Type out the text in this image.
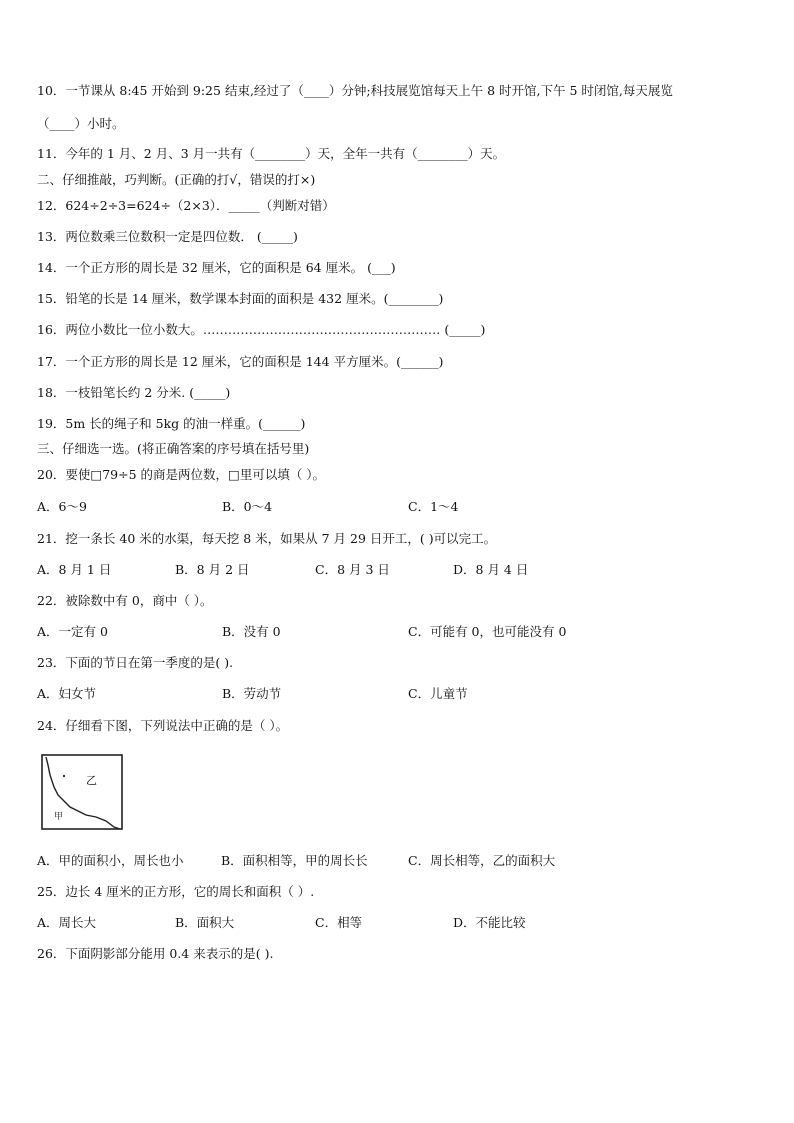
10．一节课从 8:45 开始到 9:25 结束,经过了（____）分钟;科技展览馆每天上午 8 时开馆,下午 5 时闭馆,每天展览
（____）小时。
11．今年的 1 月、2 月、3 月一共有（________）天，全年一共有（________）天。
二、仔细推敲，巧判断。(正确的打√，错误的打×)
12．624÷2÷3=624÷（2×3）．_____（判断对错）
13．两位数乘三位数积一定是四位数． (_____)
14．一个正方形的周长是 32 厘米，它的面积是 64 厘米。 (___)
15．铅笔的长是 14 厘米，数学课本封面的面积是 432 厘米。(________)
16．两位小数比一位小数大。………………………………………………… (_____)
17．一个正方形的周长是 12 厘米，它的面积是 144 平方厘米。(______)
18．一枝铅笔长约 2 分米. (_____)
19．5m 长的绳子和 5kg 的油一样重。(______)
三、仔细选一选。(将正确答案的序号填在括号里)
20．要使□79÷5 的商是两位数，□里可以填（ ）。
A．6～9	B．0～4	C．1～4
21．挖一条长 40 米的水渠，每天挖 8 米，如果从 7 月 29 日开工，( )可以完工。
A．8 月 1 日	B．8 月 2 日	C．8 月 3 日	D．8 月 4 日
22．被除数中有 0，商中（ ）。
A．一定有 0	B．没有 0	C．可能有 0，也可能没有 0
23．下面的节日在第一季度的是( ).
A．妇女节	B．劳动节	C．儿童节
24．仔细看下图，下列说法中正确的是（ ）。
乙
甲
A．甲的面积小，周长也小	B．面积相等，甲的周长长	C．周长相等，乙的面积大
25．边长 4 厘米的正方形，它的周长和面积（ ）.
A．周长大	B．面积大	C．相等	D．不能比较
26．下面阴影部分能用 0.4 来表示的是( ).
